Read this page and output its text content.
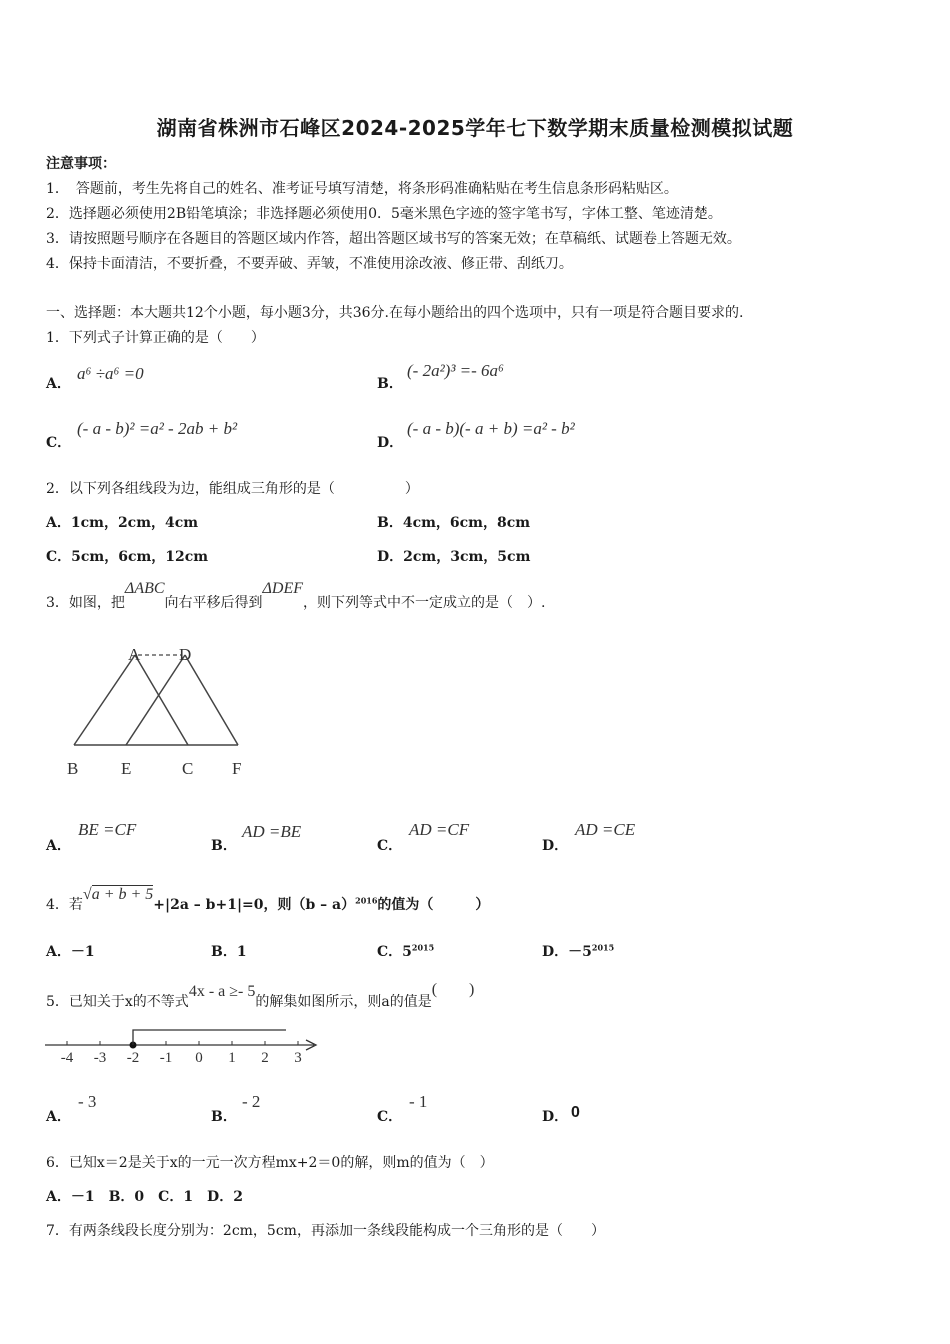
湖南省株洲市石峰区2024-2025学年七下数学期末质量检测模拟试题
注意事项：
1．　答题前，考生先将自己的姓名、准考证号填写清楚，将条形码准确粘贴在考生信息条形码粘贴区。
2．选择题必须使用2B铅笔填涂；非选择题必须使用0．5毫米黑色字迹的签字笔书写，字体工整、笔迹清楚。
3．请按照题号顺序在各题目的答题区域内作答，超出答题区域书写的答案无效；在草稿纸、试题卷上答题无效。
4．保持卡面清洁，不要折叠，不要弄破、弄皱，不准使用涂改液、修正带、刮纸刀。
一、选择题：本大题共12个小题，每小题3分，共36分.在每小题给出的四个选项中，只有一项是符合题目要求的.
1．下列式子计算正确的是（　　）
A．
a⁶ ÷a⁶ =0
B．
(- 2a²)³ =- 6a⁶
C．
(- a - b)² =a² - 2ab + b²
D．
(- a - b)(- a + b) =a² - b²
2．以下列各组线段为边，能组成三角形的是（　　　　　）
A．1cm，2cm，4cm	B．4cm，6cm，8cm
C．5cm，6cm，12cm	D．2cm，3cm，5cm
3．如图，把ΔABC向右平移后得到ΔDEF，则下列等式中不一定成立的是（　）.
A D
B	E	C F
A．
BE =CF
B．
AD =BE
C．
AD =CF
D．
AD =CE
4．若√a + b + 5+|2a – b+1|=0，则（b – a）$^{2016}$的值为（　　　）
A．－1	B．1	C．$5^{2015}$	D．$-5^{2015}$
5．已知关于x的不等式4x - a ≥- 5的解集如图所示，则a的值是(　　)
-4 -3 -2 -1 0 1 2 3
A．
- 3
B．
- 2
C．
- 1
D． 0
6．已知x＝2是关于x的一元一次方程mx+2＝0的解，则m的值为（　）
A．－1　B．0　C．1　D．2
7．有两条线段长度分别为：2cm，5cm，再添加一条线段能构成一个三角形的是（　　）
